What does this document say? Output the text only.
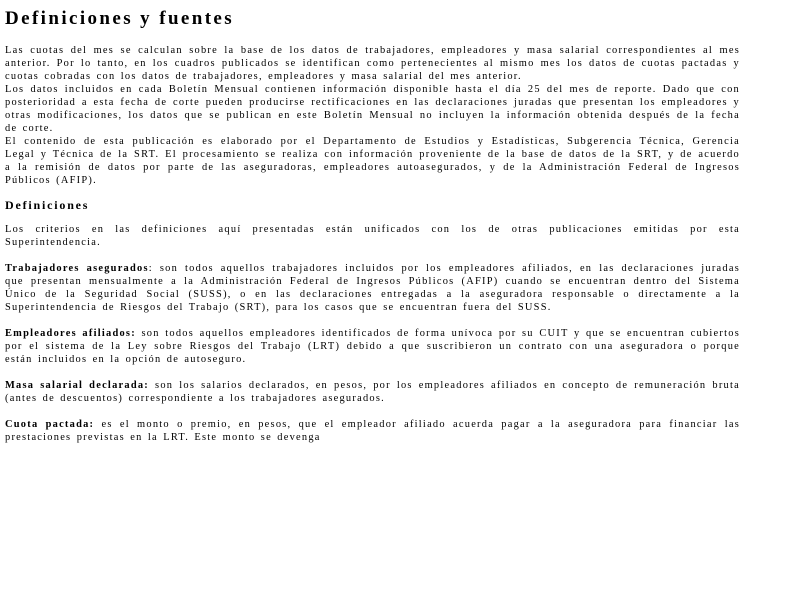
Definiciones y fuentes

Las cuotas del mes se calculan sobre la base de los datos de trabajadores, empleadores y masa salarial correspondientes al mes anterior. Por lo tanto, en los cuadros publicados se identifican como pertenecientes al mismo mes los datos de cuotas pactadas y cuotas cobradas con los datos de trabajadores, empleadores y masa salarial del mes anterior.

Los datos incluidos en cada Boletín Mensual contienen información disponible hasta el día 25 del mes de reporte. Dado que con posterioridad a esta fecha de corte pueden producirse rectificaciones en las declaraciones juradas que presentan los empleadores y otras modificaciones, los datos que se publican en este Boletín Mensual no incluyen la información obtenida después de la fecha de corte.

El contenido de esta publicación es elaborado por el Departamento de Estudios y Estadísticas, Subgerencia Técnica, Gerencia Legal y Técnica de la SRT. El procesamiento se realiza con información proveniente de la base de datos de la SRT, y de acuerdo a la remisión de datos por parte de las aseguradoras, empleadores autoasegurados, y de la Administración Federal de Ingresos Públicos (AFIP).

Definiciones

Los criterios en las definiciones aquí presentadas están unificados con los de otras publicaciones emitidas por esta Superintendencia.

Trabajadores asegurados: son todos aquellos trabajadores incluidos por los empleadores afiliados, en las declaraciones juradas que presentan mensualmente a la Administración Federal de Ingresos Públicos (AFIP) cuando se encuentran dentro del Sistema Único de la Seguridad Social (SUSS), o en las declaraciones entregadas a la aseguradora responsable o directamente a la Superintendencia de Riesgos del Trabajo (SRT), para los casos que se encuentran fuera del SUSS.

Empleadores afiliados: son todos aquellos empleadores identificados de forma unívoca por su CUIT y que se encuentran cubiertos por el sistema de la Ley sobre Riesgos del Trabajo (LRT) debido a que suscribieron un contrato con una aseguradora o porque están incluidos en la opción de autoseguro.

Masa salarial declarada: son los salarios declarados, en pesos, por los empleadores afiliados en concepto de remuneración bruta (antes de descuentos) correspondiente a los trabajadores asegurados.

Cuota pactada: es el monto o premio, en pesos, que el empleador afiliado acuerda pagar a la aseguradora para financiar las prestaciones previstas en la LRT. Este monto se devenga
